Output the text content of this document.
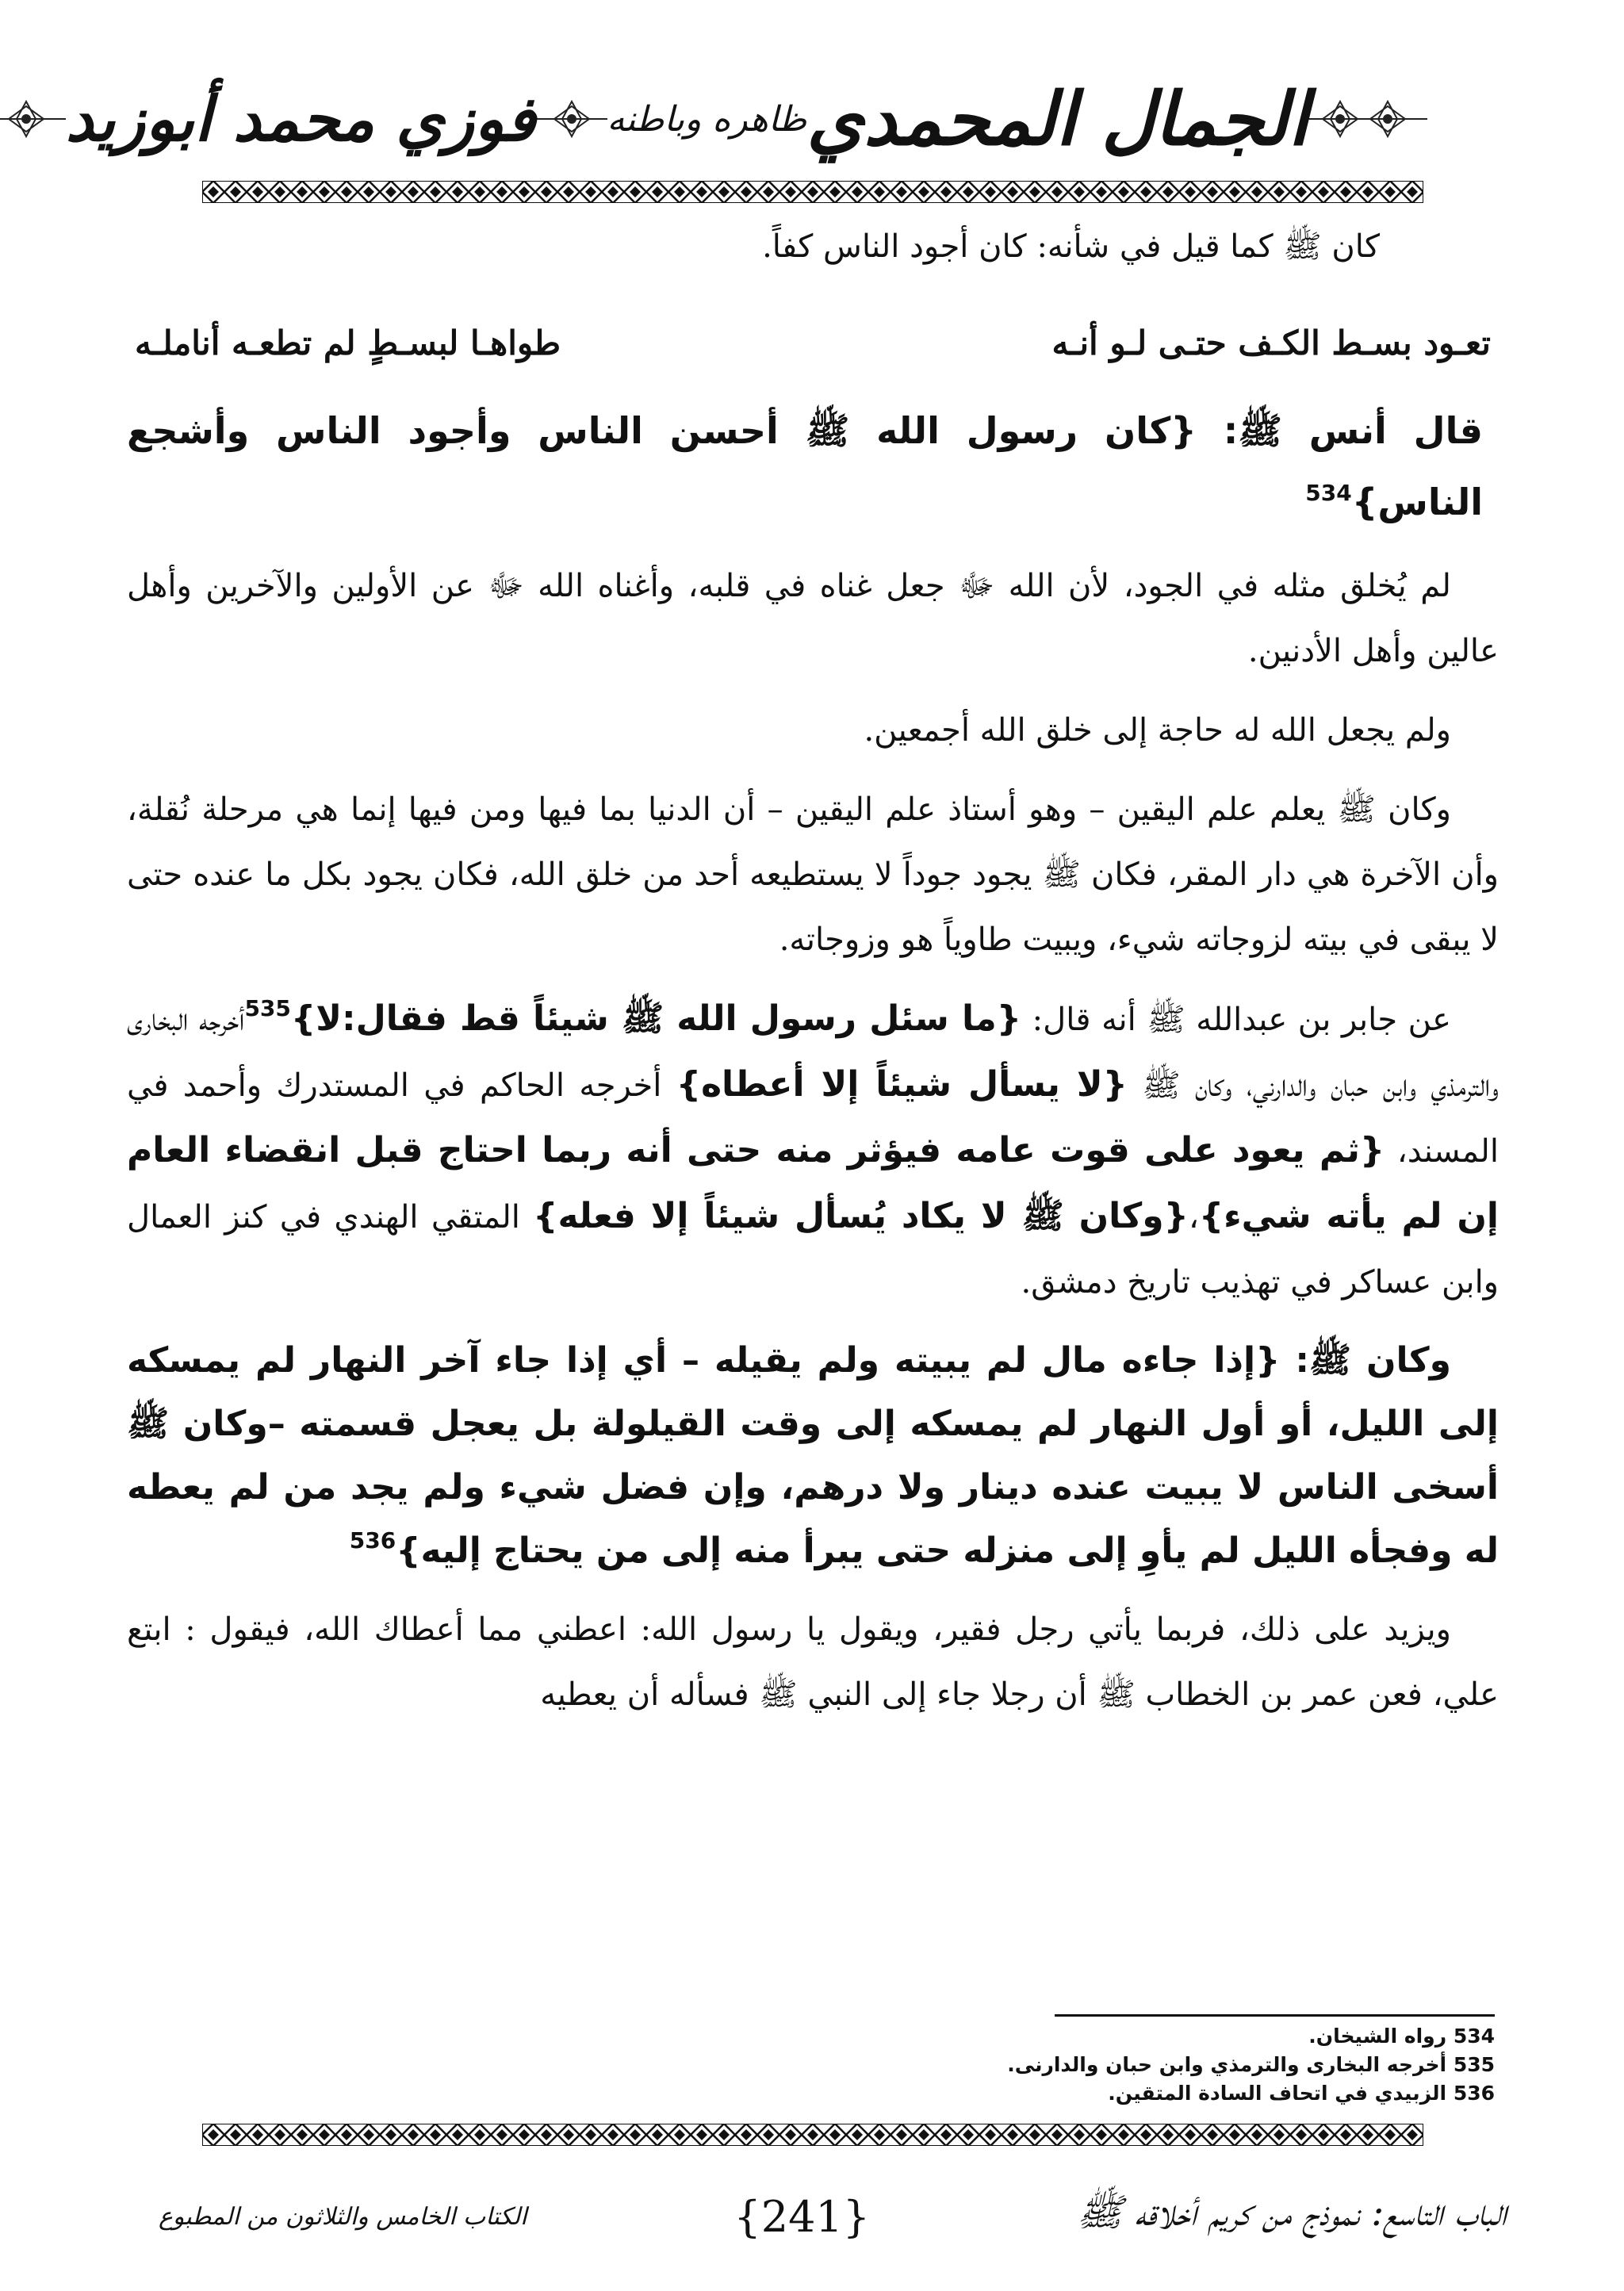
الجمال المحمدي
ظاهره وباطنه
فوزي محمد أبوزيد

كان ﷺ كما قيل في شأنه: كان أجود الناس كفاً.

تعـود بسـط الكـف حتـى لـو أنـه
طواهـا لبسـطٍ لم تطعـه أناملـه
قال أنس ﷺ: {كان رسول الله ﷺ أحسن الناس وأجود الناس وأشجع الناس}$^{534}$

لم يُخلق مثله في الجود، لأن الله ﷻ جعل غناه في قلبه، وأغناه الله ﷻ عن الأولين والآخرين وأهل عالين وأهل الأدنين.

ولم يجعل الله له حاجة إلى خلق الله أجمعين.

وكان ﷺ يعلم علم اليقين – وهو أستاذ علم اليقين – أن الدنيا بما فيها ومن فيها إنما هي مرحلة نُقلة، وأن الآخرة هي دار المقر، فكان ﷺ يجود جوداً لا يستطيعه أحد من خلق الله، فكان يجود بكل ما عنده حتى لا يبقى في بيته لزوجاته شيء، ويبيت طاوياً هو وزوجاته.

عن جابر بن عبدالله ﷺ أنه قال: {ما سئل رسول الله ﷺ شيئاً قط فقال:لا}$^{535}$أخرجه البخارى والترمذي وابن حبان والدارني، وكان ﷺ {لا يسأل شيئاً إلا أعطاه} أخرجه الحاكم في المستدرك وأحمد في المسند، {ثم يعود على قوت عامه فيؤثر منه حتى أنه ربما احتاج قبل انقضاء العام إن لم يأته شيء}،{وكان ﷺ لا يكاد يُسأل شيئاً إلا فعله} المتقي الهندي في كنز العمال وابن عساكر في تهذيب تاريخ دمشق.

وكان ﷺ: {إذا جاءه مال لم يبيته ولم يقيله – أي إذا جاء آخر النهار لم يمسكه إلى الليل، أو أول النهار لم يمسكه إلى وقت القيلولة بل يعجل قسمته –وكان ﷺ أسخى الناس لا يبيت عنده دينار ولا درهم، وإن فضل شيء ولم يجد من لم يعطه له وفجأه الليل لم يأوِ إلى منزله حتى يبرأ منه إلى من يحتاج إليه}$^{536}$

ويزيد على ذلك، فربما يأتي رجل فقير، ويقول يا رسول الله: اعطني مما أعطاك الله، فيقول : ابتع علي، فعن عمر بن الخطاب ﷺ أن رجلا جاء إلى النبي ﷺ فسأله أن يعطيه

534 رواه الشيخان.
535 أخرجه البخارى والترمذي وابن حبان والدارنى.
536 الزبيدي في اتحاف السادة المتقين.
الباب التاسع: نموذج من كريم أخلاقه ﷺ
{241}
الكتاب الخامس والثلاثون من المطبوع
